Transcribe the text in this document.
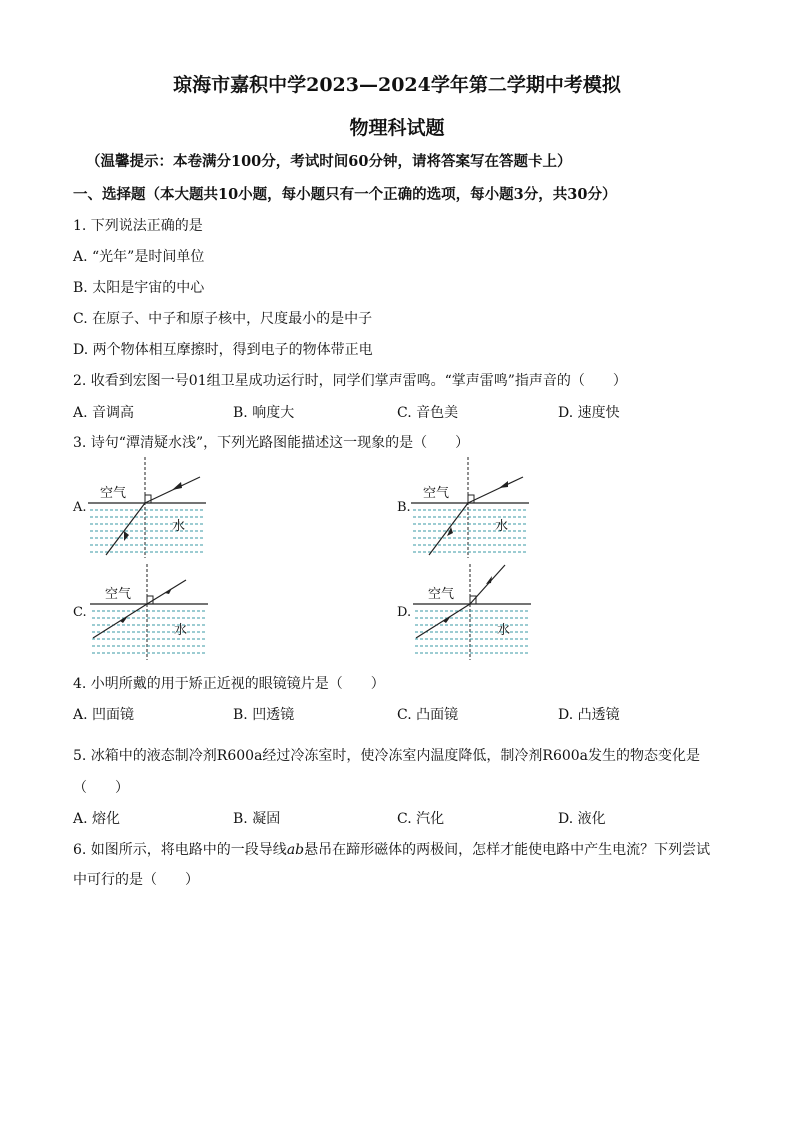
琼海市嘉积中学2023—2024学年第二学期中考模拟
物理科试题
（温馨提示：本卷满分100分，考试时间60分钟，请将答案写在答题卡上）
一、选择题（本大题共10小题，每小题只有一个正确的选项，每小题3分，共30分）
1. 下列说法正确的是
A. “光年”是时间单位
B. 太阳是宇宙的中心
C. 在原子、中子和原子核中，尺度最小的是中子
D. 两个物体相互摩擦时，得到电子的物体带正电
2. 收看到宏图一号01组卫星成功运行时，同学们掌声雷鸣。“掌声雷鸣”指声音的（　　）
A. 音调高	B. 响度大	C. 音色美	D. 速度快
3. 诗句“潭清疑水浅”，下列光路图能描述这一现象的是（　　）
A.
空气
水
B.
空气
水
C.
空气
水
D.
空气
水
4. 小明所戴的用于矫正近视的眼镜镜片是（　　）
A. 凹面镜	B. 凹透镜	C. 凸面镜	D. 凸透镜
5. 冰箱中的液态制冷剂R600a经过冷冻室时，使冷冻室内温度降低，制冷剂R600a发生的物态变化是
（　　）
A. 熔化	B. 凝固	C. 汽化	D. 液化
6. 如图所示，将电路中的一段导线ab悬吊在蹄形磁体的两极间，怎样才能使电路中产生电流？下列尝试
中可行的是（　　）
